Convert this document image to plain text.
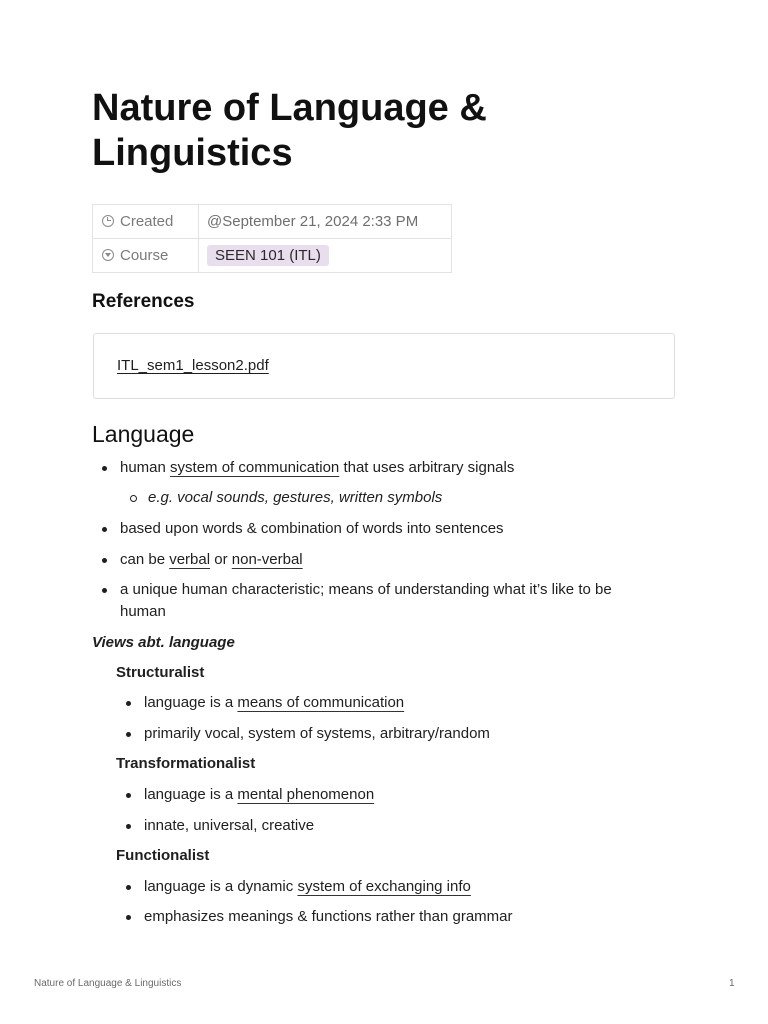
Nature of Language & Linguistics
Created	@September 21, 2024 2:33 PM
Course	SEEN 101 (ITL)
References
ITL_sem1_lesson2.pdf
Language
human system of communication that uses arbitrary signals
e.g. vocal sounds, gestures, written symbols
based upon words & combination of words into sentences
can be verbal or non-verbal
a unique human characteristic; means of understanding what it’s like to be
human
Views abt. language
Structuralist
language is a means of communication
primarily vocal, system of systems, arbitrary/random
Transformationalist
language is a mental phenomenon
innate, universal, creative
Functionalist
language is a dynamic system of exchanging info
emphasizes meanings & functions rather than grammar
Nature of Language & Linguistics	1
